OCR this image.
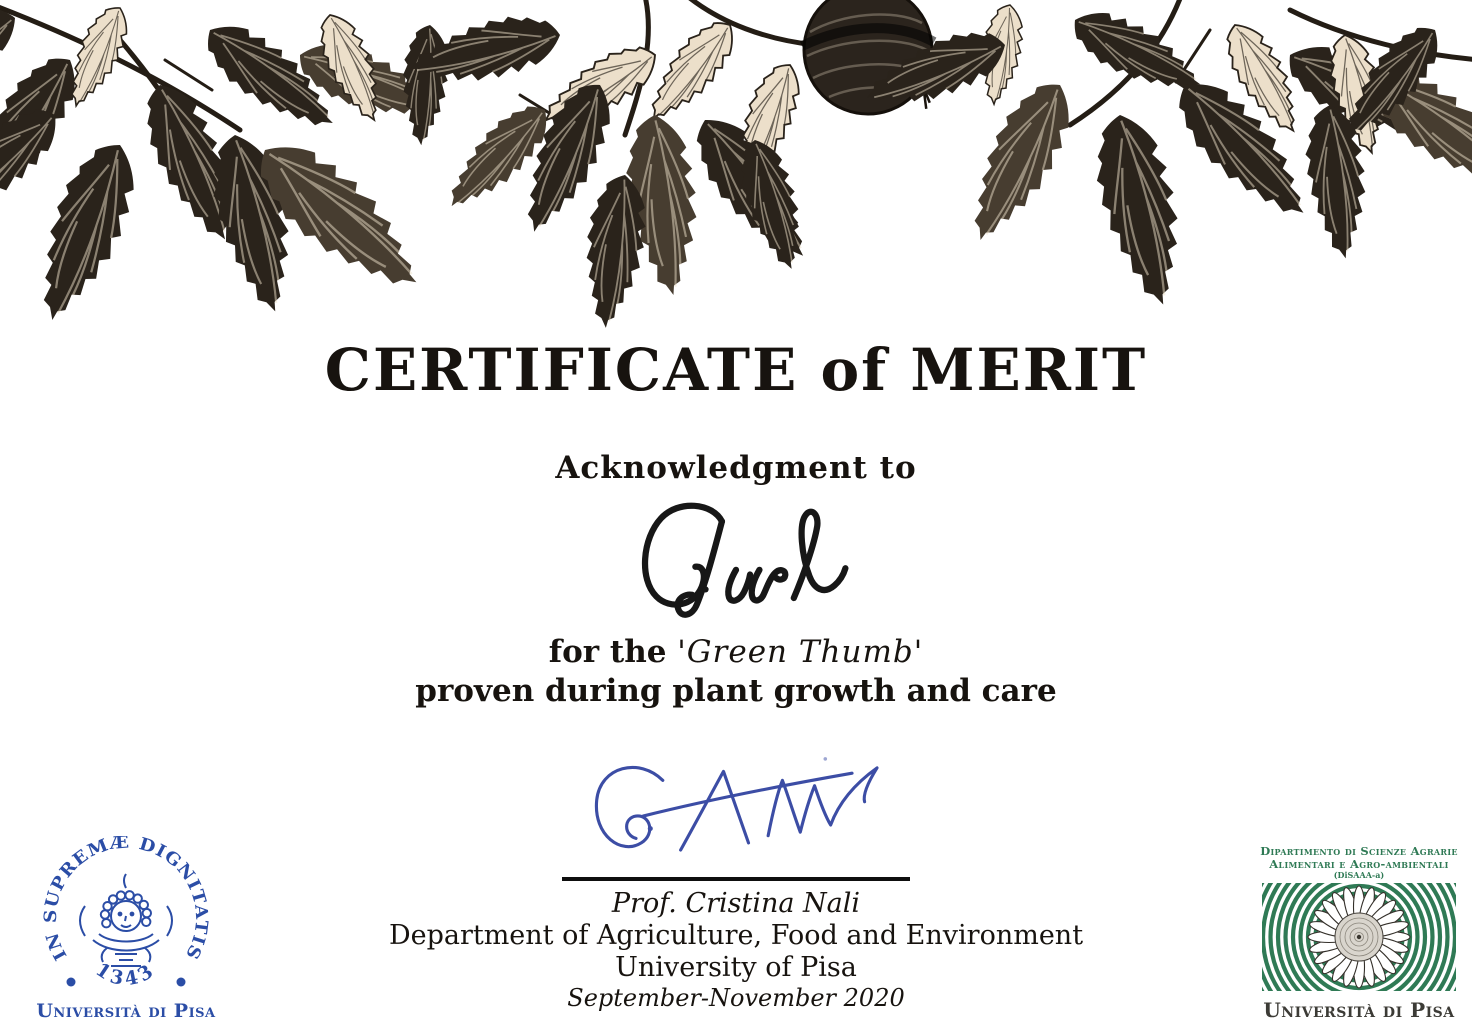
CERTIFICATE of MERIT
Acknowledgment to
for the 'Green Thumb'
proven during plant growth and care
Prof. Cristina Nali
Department of Agriculture, Food and Environment
University of Pisa
September-November 2020
IN SUPREMÆ DIGNITATIS
1343
Università di Pisa
Dipartimento di Scienze Agrarie
Alimentari e Agro-ambientali
(DiSAAA-a)
Università di Pisa
